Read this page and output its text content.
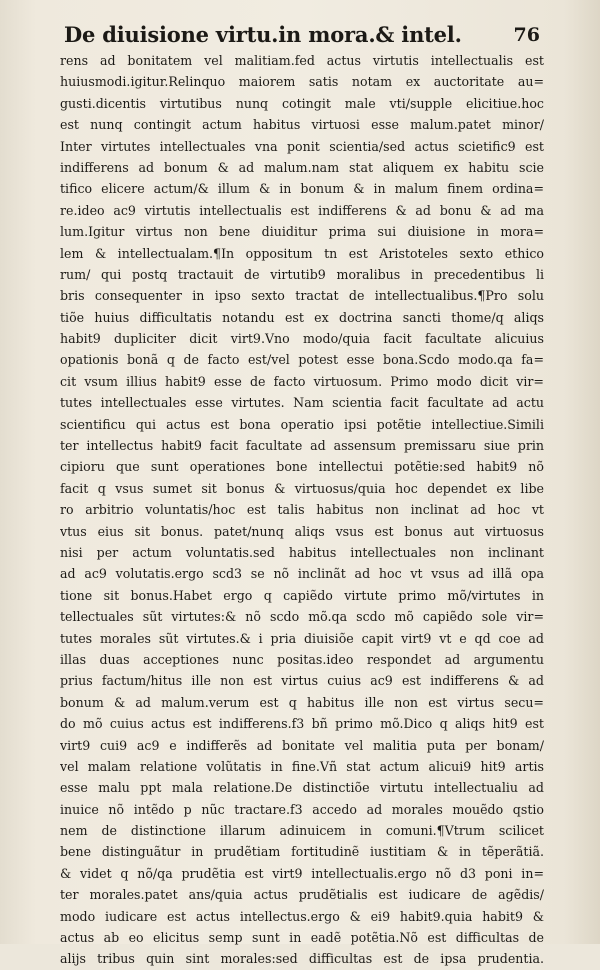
De diuisione virtu.in mora.& intel.	76
rens ad bonitatem vel malitiam.fed actus virtutis intellectualis est
huiusmodi.igitur.Relinquo maiorem satis notam ex auctoritate au=
gusti.dicentis virtutibus nunq cotingit male vti/supple elicitiue.hoc
est nunq contingit actum habitus virtuosi esse malum.patet minor/
Inter virtutes intellectuales vna ponit scientia/sed actus scietific9 est
indifferens ad bonum & ad malum.nam stat aliquem ex habitu scie
tifico elicere actum/& illum & in bonum & in malum finem ordina=
re.ideo ac9 virtutis intellectualis est indifferens & ad bonu & ad ma
lum.Igitur virtus non bene diuiditur prima sui diuisione in mora=
lem & intellectualam.¶In oppositum tn est Aristoteles sexto ethico
rum/ qui postq tractauit de virtutib9 moralibus in precedentibus li
bris consequenter in ipso sexto tractat de intellectualibus.¶Pro solu
tiõe huius difficultatis notandu est ex doctrina sancti thome/q aliqs
habit9 dupliciter dicit virt9.Vno modo/quia facit facultate alicuius
opationis bonã q de facto est/vel potest esse bona.Scdo modo.qa fa=
cit vsum illius habit9 esse de facto virtuosum. Primo modo dicit vir=
tutes intellectuales esse virtutes. Nam scientia facit facultate ad actu
scientificu qui actus est bona operatio ipsi potẽtie intellectiue.Simili
ter intellectus habit9 facit facultate ad assensum premissaru siue prin
cipioru que sunt operationes bone intellectui potẽtie:sed habit9 nõ
facit q vsus sumet sit bonus & virtuosus/quia hoc dependet ex libe
ro arbitrio voluntatis/hoc est talis habitus non inclinat ad hoc vt
vtus eius sit bonus. patet/nunq aliqs vsus est bonus aut virtuosus
nisi per actum voluntatis.sed habitus intellectuales non inclinant
ad ac9 volutatis.ergo scd3 se nõ inclinãt ad hoc vt vsus ad illã opa
tione sit bonus.Habet ergo q capiẽdo virtute primo mõ/virtutes in
tellectuales sũt virtutes:& nõ scdo mõ.qa scdo mõ capiẽdo sole vir=
tutes morales sũt virtutes.& i pria diuisiõe capit virt9 vt e qd coe ad
illas duas acceptiones nunc positas.ideo respondet ad argumentu
prius factum/hitus ille non est virtus cuius ac9 est indifferens & ad
bonum & ad malum.verum est q habitus ille non est virtus secu=
do mõ cuius actus est indifferens.f3 bñ primo mõ.Dico q aliqs hit9 est
virt9 cui9 ac9 e indifferẽs ad bonitate vel malitia puta per bonam/
vel malam relatione volũtatis in fine.Vñ stat actum alicui9 hit9 artis
esse malu ppt mala relatione.De distinctiõe virtutu intellectualiu ad
inuice nõ intẽdo p nũc tractare.f3 accedo ad morales mouẽdo qstio
nem de distinctione illarum adinuicem in comuni.¶Vtrum scilicet
bene distinguãtur in prudẽtiam fortitudinẽ iustitiam & in tẽperãtiã.
& videt q nõ/qa prudẽtia est virt9 intellectualis.ergo nõ d3 poni in=
ter morales.patet ans/quia actus prudẽtialis est iudicare de agẽdis/
modo iudicare est actus intellectus.ergo & ei9 habit9.quia habit9 &
actus ab eo elicitus semp sunt in eadẽ potẽtia.Nõ est difficultas de
alijs tribus quin sint morales:sed difficultas est de ipsa prudentia.
